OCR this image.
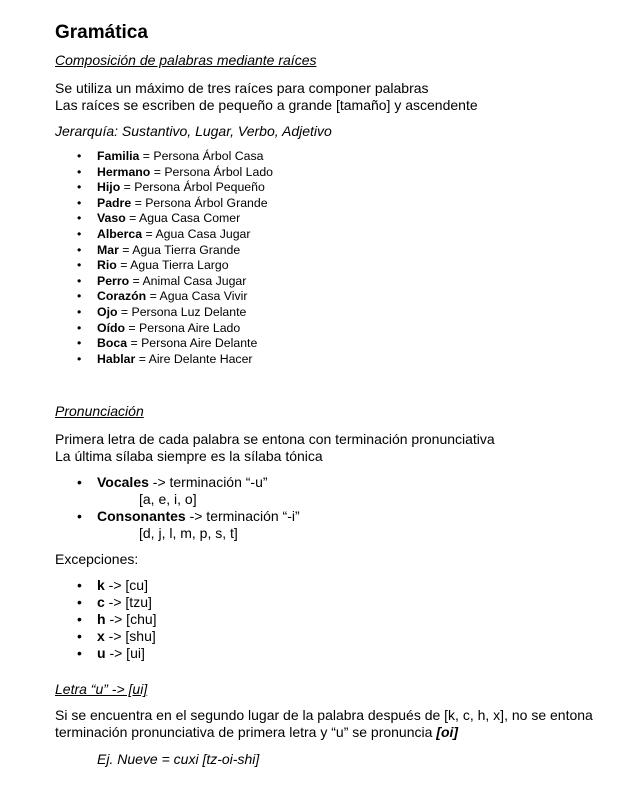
Gramática
Composición de palabras mediante raíces

Se utiliza un máximo de tres raíces para componer palabras

Las raíces se escriben de pequeño a grande [tamaño] y ascendente

Jerarquía: Sustantivo, Lugar, Verbo, Adjetivo

• Familia = Persona Árbol Casa
• Hermano = Persona Árbol Lado
• Hijo = Persona Árbol Pequeño
• Padre = Persona Árbol Grande
• Vaso = Agua Casa Comer
• Alberca = Agua Casa Jugar
• Mar = Agua Tierra Grande
• Rio = Agua Tierra Largo
• Perro = Animal Casa Jugar
• Corazón = Agua Casa Vivir
• Ojo = Persona Luz Delante
• Oído = Persona Aire Lado
• Boca = Persona Aire Delante
• Hablar = Aire Delante Hacer
Pronunciación

Primera letra de cada palabra se entona con terminación pronunciativa

La última sílaba siempre es la sílaba tónica

• Vocales -> terminación “-u”
[a, e, i, o]
• Consonantes -> terminación “-i”
[d, j, l, m, p, s, t]

Excepciones:

• k -> [cu]
• c -> [tzu]
• h -> [chu]
• x -> [shu]
• u -> [ui]
Letra “u” -> [ui]

Si se encuentra en el segundo lugar de la palabra después de [k, c, h, x], no se entona

terminación pronunciativa de primera letra y “u” se pronuncia [oi]

Ej. Nueve = cuxi [tz-oi-shi]
